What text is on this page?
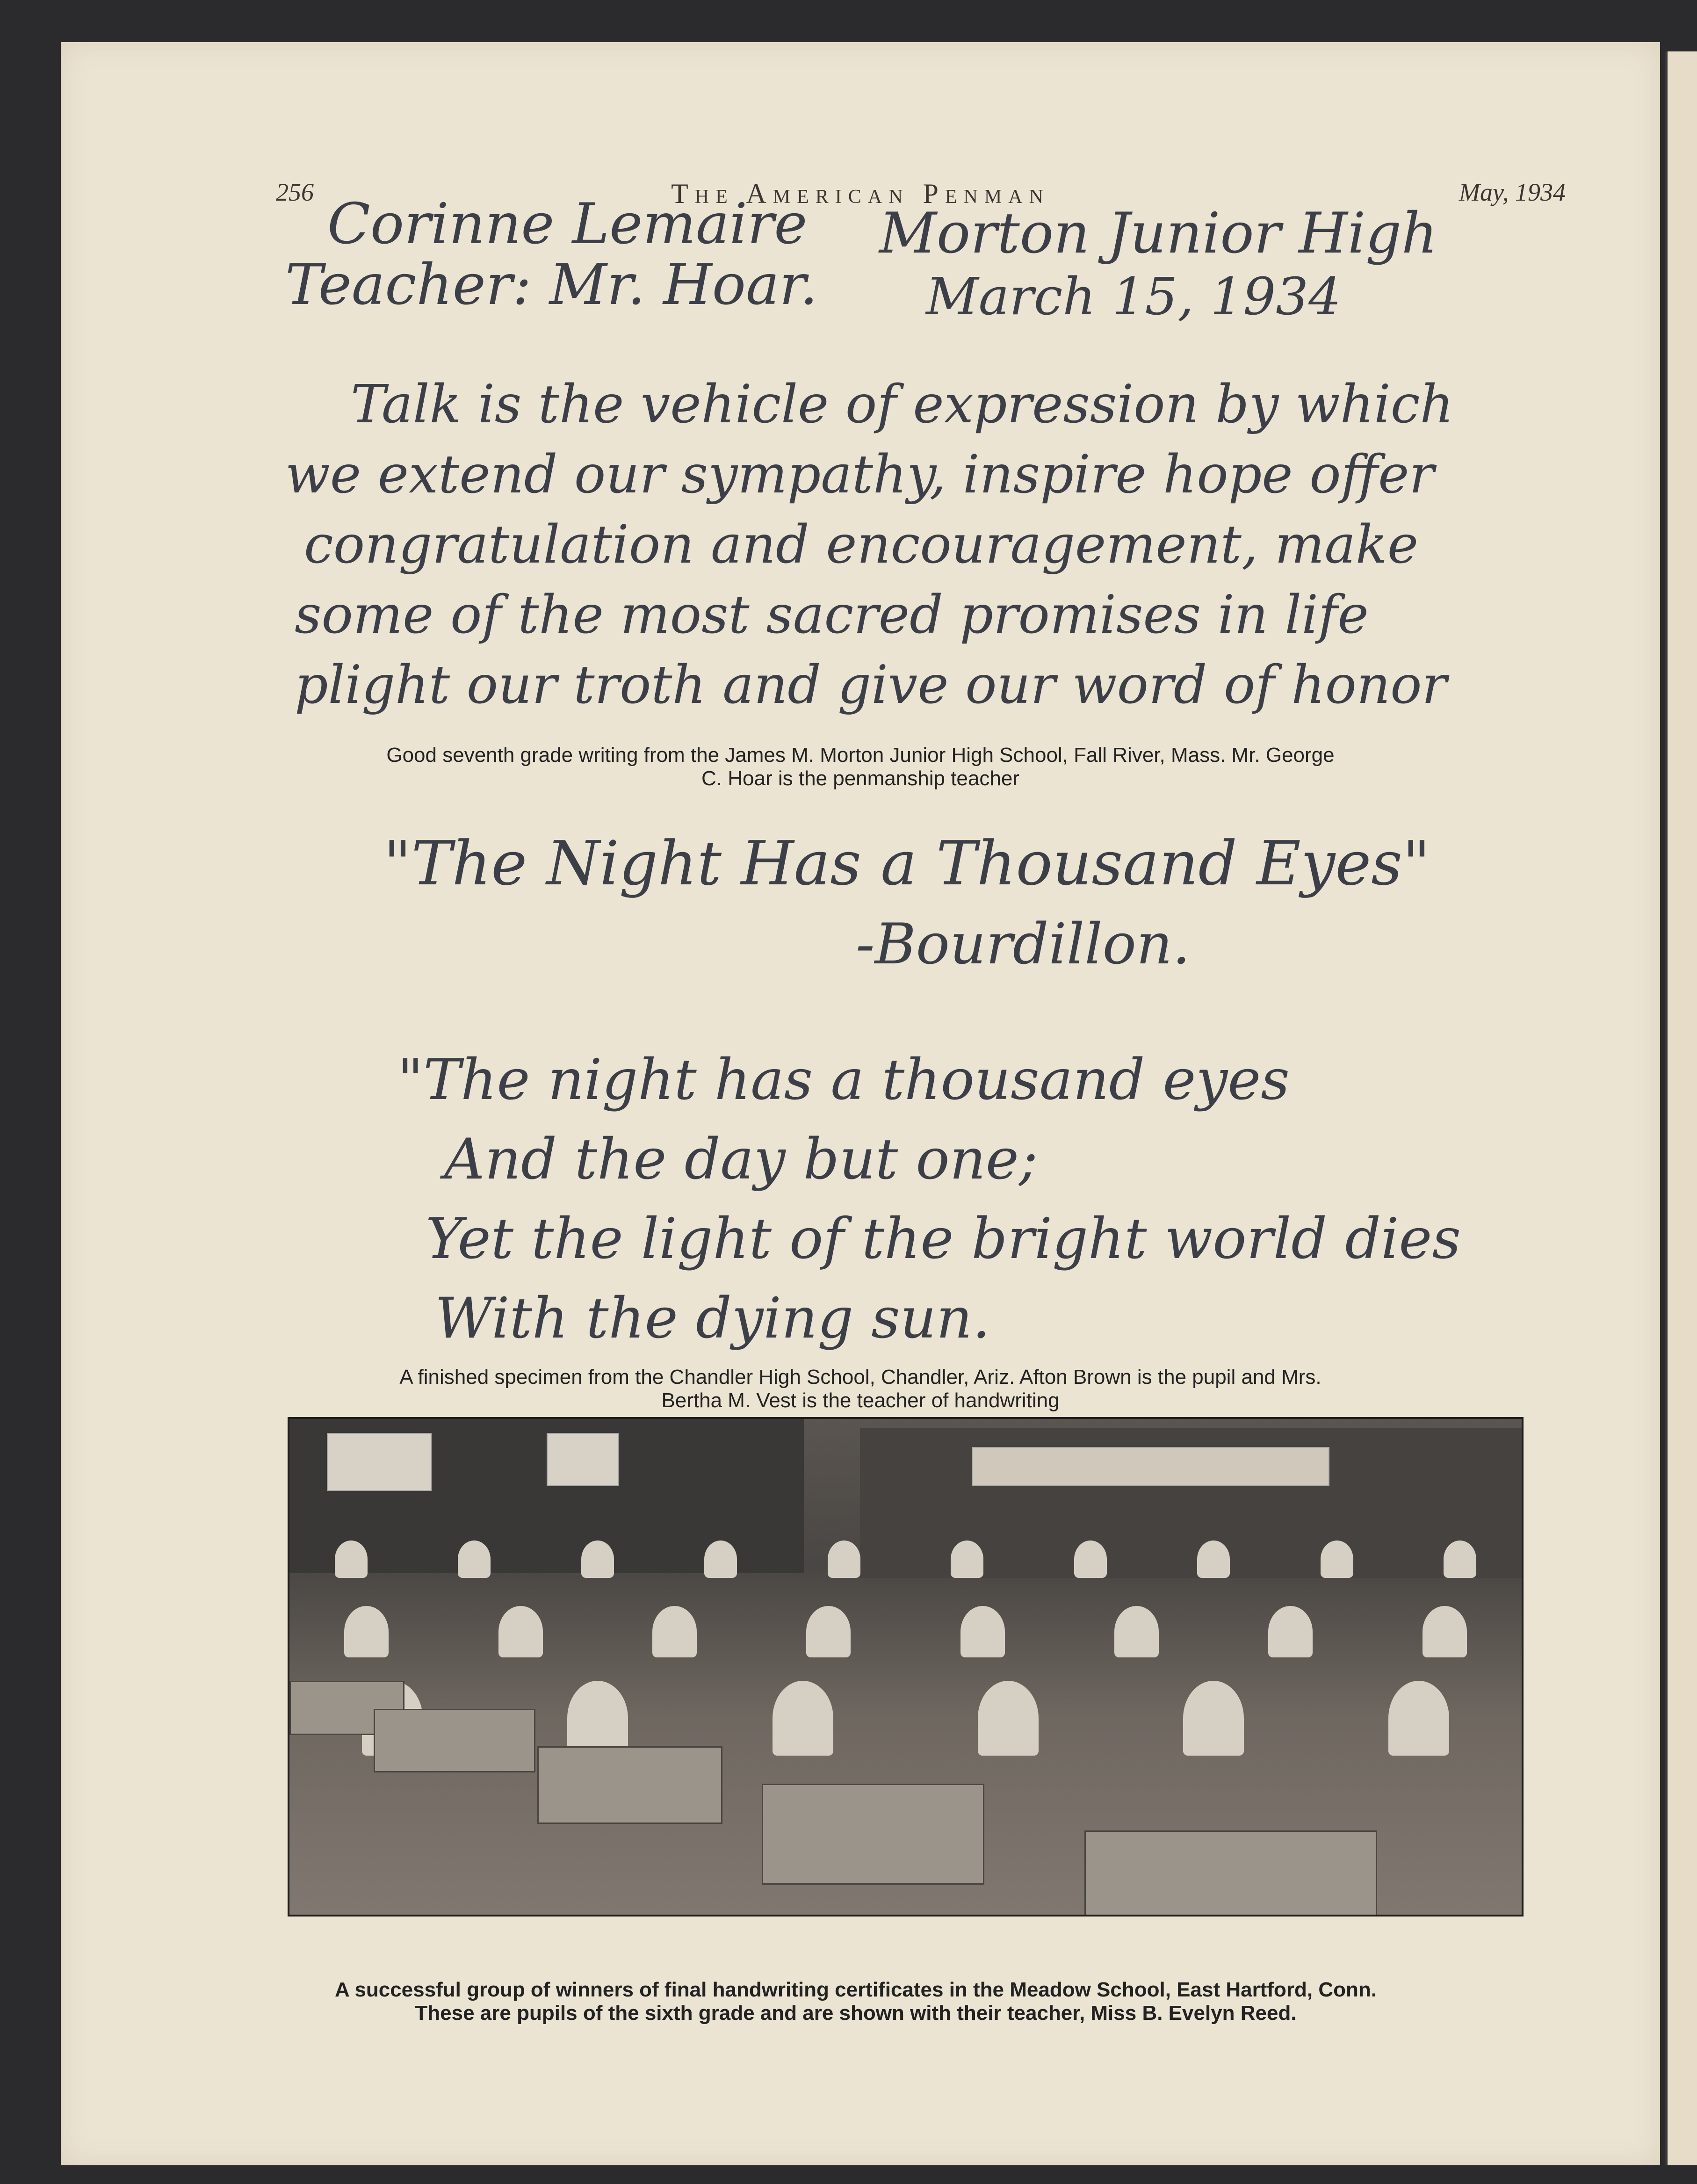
256	The American Penman	May, 1934
Corinne Lemaire
Teacher: Mr. Hoar.
Morton Junior High
March 15, 1934
Talk is the vehicle of expression by which
we extend our sympathy, inspire hope offer
congratulation and encouragement, make
some of the most sacred promises in life
plight our troth and give our word of honor
Good seventh grade writing from the James M. Morton Junior High School, Fall River, Mass. Mr. George
C. Hoar is the penmanship teacher
"The Night Has a Thousand Eyes"
-Bourdillon.
"The night has a thousand eyes
And the day but one;
Yet the light of the bright world dies
With the dying sun.
A finished specimen from the Chandler High School, Chandler, Ariz. Afton Brown is the pupil and Mrs.
Bertha M. Vest is the teacher of handwriting
A successful group of winners of final handwriting certificates in the Meadow School, East Hartford, Conn.
These are pupils of the sixth grade and are shown with their teacher, Miss B. Evelyn Reed.
